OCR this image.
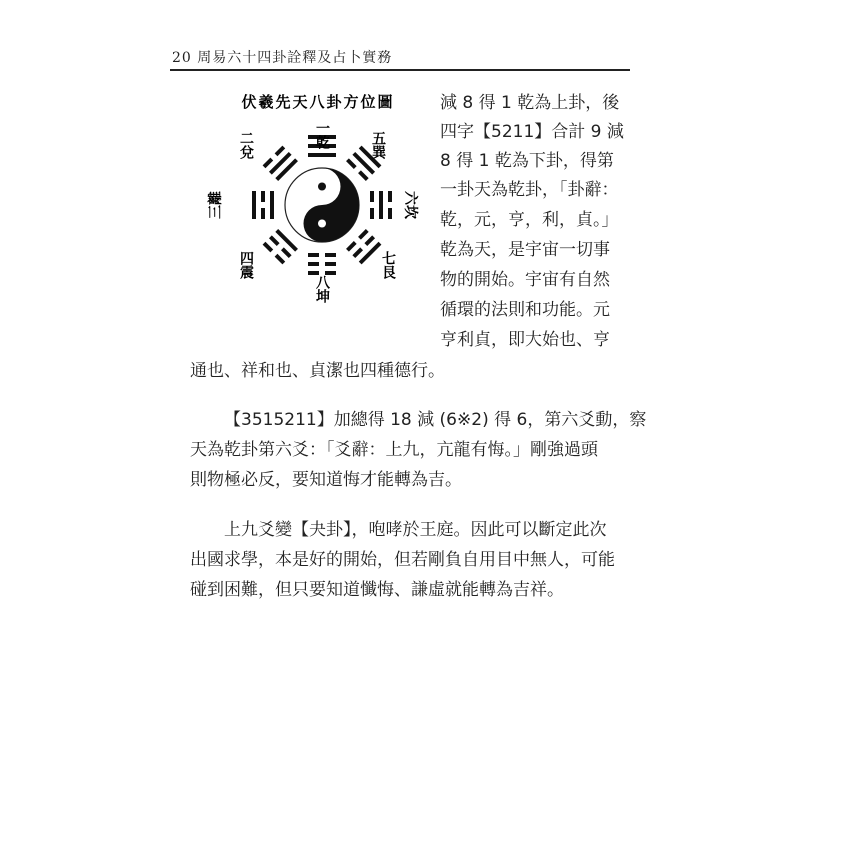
20 周易六十四卦詮釋及占卜實務
伏羲先天八卦方位圖
一乾
二兌	五巽
三離	六坎
四震	七艮
八坤
減 8 得 1 乾為上卦，後
四字【5211】合計 9 減
8 得 1 乾為下卦，得第
一卦天為乾卦，「卦辭：
乾，元，亨，利，貞。」
乾為天，是宇宙一切事
物的開始。宇宙有自然
循環的法則和功能。元
亨利貞，即大始也、亨
通也、祥和也、貞潔也四種德行。
【3515211】加總得 18 減 (6※2) 得 6，第六爻動，察
天為乾卦第六爻：「爻辭：上九，亢龍有悔。」剛強過頭
則物極必反，要知道悔才能轉為吉。
上九爻變【夬卦】，咆哮於王庭。因此可以斷定此次
出國求學，本是好的開始，但若剛負自用目中無人，可能
碰到困難，但只要知道懺悔、謙虛就能轉為吉祥。
